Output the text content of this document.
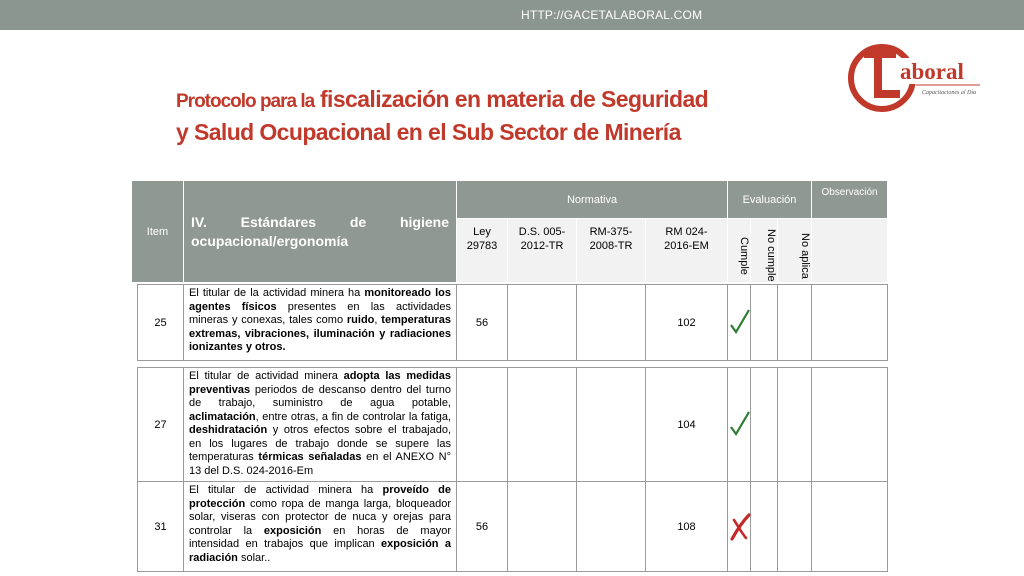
HTTP://GACETALABORAL.COM
aboral
Capacitaciones al Día
Protocolo para la fiscalización en materia de Seguridad
y Salud Ocupacional en el Sub Sector de Minería
Item	IV. Estándares de higiene ocupacional/ergonomía	Normativa				Evaluación			Observación
		Ley 29783	D.S. 005-2012-TR	RM-375-2008-TR	RM 024-2016-EM	Cumple	No cumple	No aplica	
25	El titular de la actividad minera ha monitoreado los agentes físicos presentes en las actividades mineras y conexas, tales como ruido, temperaturas extremas, vibraciones, iluminación y radiaciones ionizantes y otros.	56			102	

27	El titular de actividad minera adopta las medidas preventivas periodos de descanso dentro del turno de trabajo, suministro de agua potable, aclimatación, entre otras, a fin de controlar la fatiga, deshidratación y otros efectos sobre el trabajado, en los lugares de trabajo donde se supere las temperaturas térmicas señaladas en el ANEXO N° 13 del D.S. 024-2016-Em				104	

31	El titular de actividad minera ha proveído de protección como ropa de manga larga, bloqueador solar, viseras con protector de nuca y orejas para controlar la exposición en horas de mayor intensidad en trabajos que implican exposición a radiación solar..	56			108	
